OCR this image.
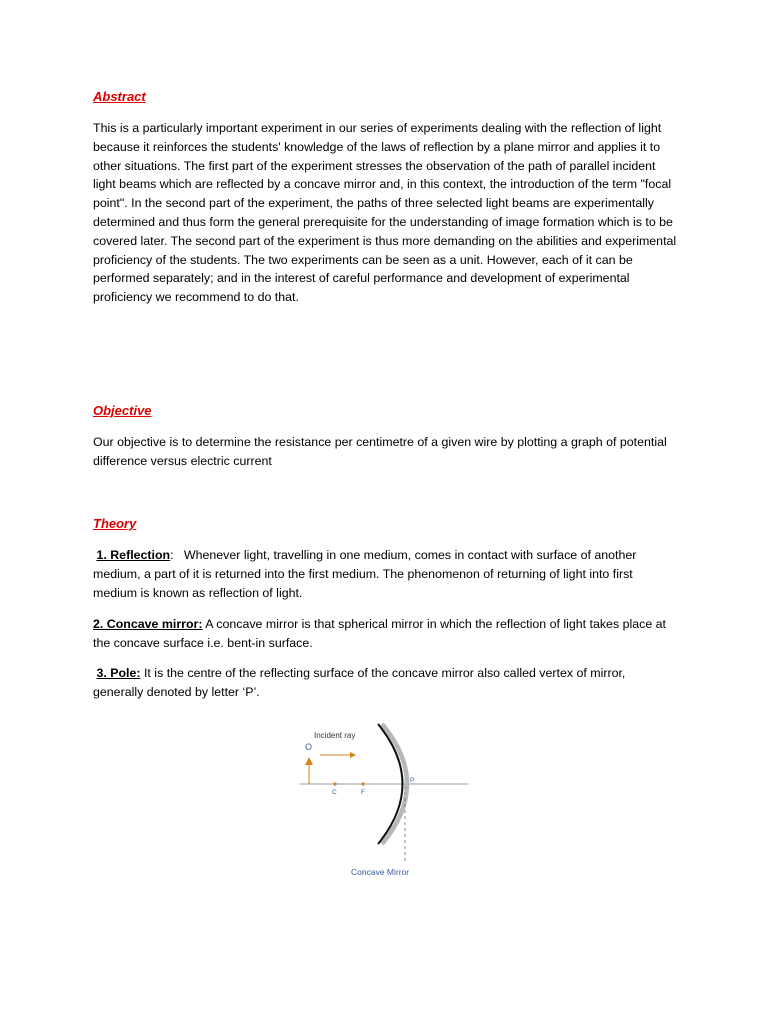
Abstract

This is a particularly important experiment in our series of experiments dealing with the reflection of light because it reinforces the students' knowledge of the laws of reflection by a plane mirror and applies it to other situations. The first part of the experiment stresses the observation of the path of parallel incident light beams which are reflected by a concave mirror and, in this context, the introduction of the term "focal point". In the second part of the experiment, the paths of three selected light beams are experimentally determined and thus form the general prerequisite for the understanding of image formation which is to be covered later. The second part of the experiment is thus more demanding on the abilities and experimental proficiency of the students. The two experiments can be seen as a unit. However, each of it can be performed separately; and in the interest of careful performance and development of experimental proficiency we recommend to do that.

Objective

Our objective is to determine the resistance per centimetre of a given wire by plotting a graph of potential difference versus electric current

Theory

1. Reflection: Whenever light, travelling in one medium, comes in contact with surface of another medium, a part of it is returned into the first medium. The phenomenon of returning of light into first medium is known as reflection of light.

2. Concave mirror: A concave mirror is that spherical mirror in which the reflection of light takes place at the concave surface i.e. bent-in surface.

3. Pole: It is the centre of the reflecting surface of the concave mirror also called vertex of mirror, generally denoted by letter ‘P’.

Incident ray
O
C	F
P
Concave Mirror
